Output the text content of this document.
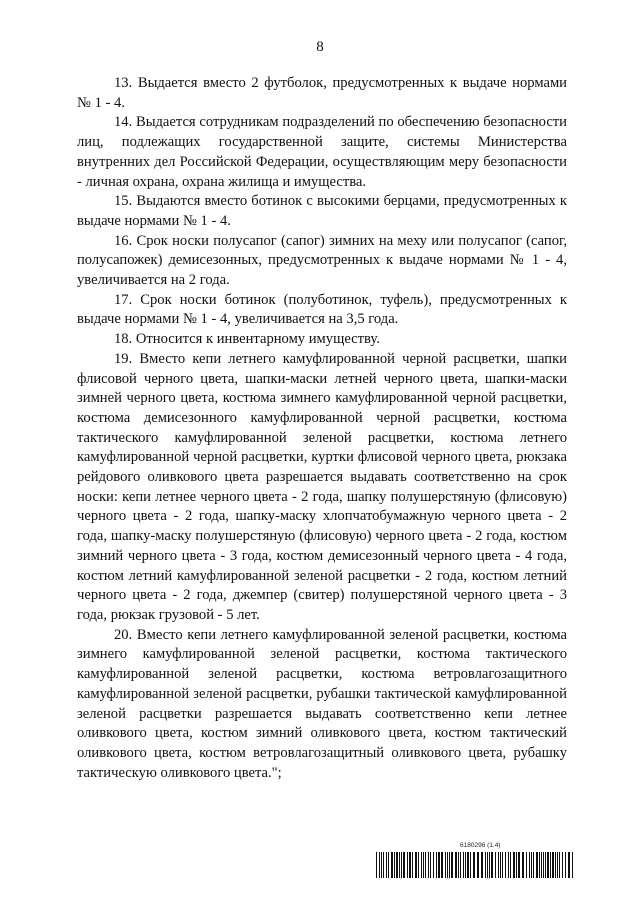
8

13. Выдается вместо 2 футболок, предусмотренных к выдаче нормами № 1 - 4.

14. Выдается сотрудникам подразделений по обеспечению безопасности лиц, подлежащих государственной защите, системы Министерства внутренних дел Российской Федерации, осуществляющим меру безопасности - личная охрана, охрана жилища и имущества.

15. Выдаются вместо ботинок с высокими берцами, предусмотренных к выдаче нормами № 1 - 4.

16. Срок носки полусапог (сапог) зимних на меху или полусапог (сапог, полусапожек) демисезонных, предусмотренных к выдаче нормами № 1 - 4, увеличивается на 2 года.

17. Срок носки ботинок (полуботинок, туфель), предусмотренных к выдаче нормами № 1 - 4, увеличивается на 3,5 года.

18. Относится к инвентарному имуществу.

19. Вместо кепи летнего камуфлированной черной расцветки, шапки флисовой черного цвета, шапки-маски летней черного цвета, шапки-маски зимней черного цвета, костюма зимнего камуфлированной черной расцветки, костюма демисезонного камуфлированной черной расцветки, костюма тактического камуфлированной зеленой расцветки, костюма летнего камуфлированной черной расцветки, куртки флисовой черного цвета, рюкзака рейдового оливкового цвета разрешается выдавать соответственно на срок носки: кепи летнее черного цвета - 2 года, шапку полушерстяную (флисовую) черного цвета - 2 года, шапку-маску хлопчатобумажную черного цвета - 2 года, шапку-маску полушерстяную (флисовую) черного цвета - 2 года, костюм зимний черного цвета - 3 года, костюм демисезонный черного цвета - 4 года, костюм летний камуфлированной зеленой расцветки - 2 года, костюм летний черного цвета - 2 года, джемпер (свитер) полушерстяной черного цвета - 3 года, рюкзак грузовой - 5 лет.

20. Вместо кепи летнего камуфлированной зеленой расцветки, костюма зимнего камуфлированной зеленой расцветки, костюма тактического камуфлированной зеленой расцветки, костюма ветровлагозащитного камуфлированной зеленой расцветки, рубашки тактической камуфлированной зеленой расцветки разрешается выдавать соответственно кепи летнее оливкового цвета, костюм зимний оливкового цвета, костюм тактический оливкового цвета, костюм ветровлагозащитный оливкового цвета, рубашку тактическую оливкового цвета.";

6180296 (1.4)
